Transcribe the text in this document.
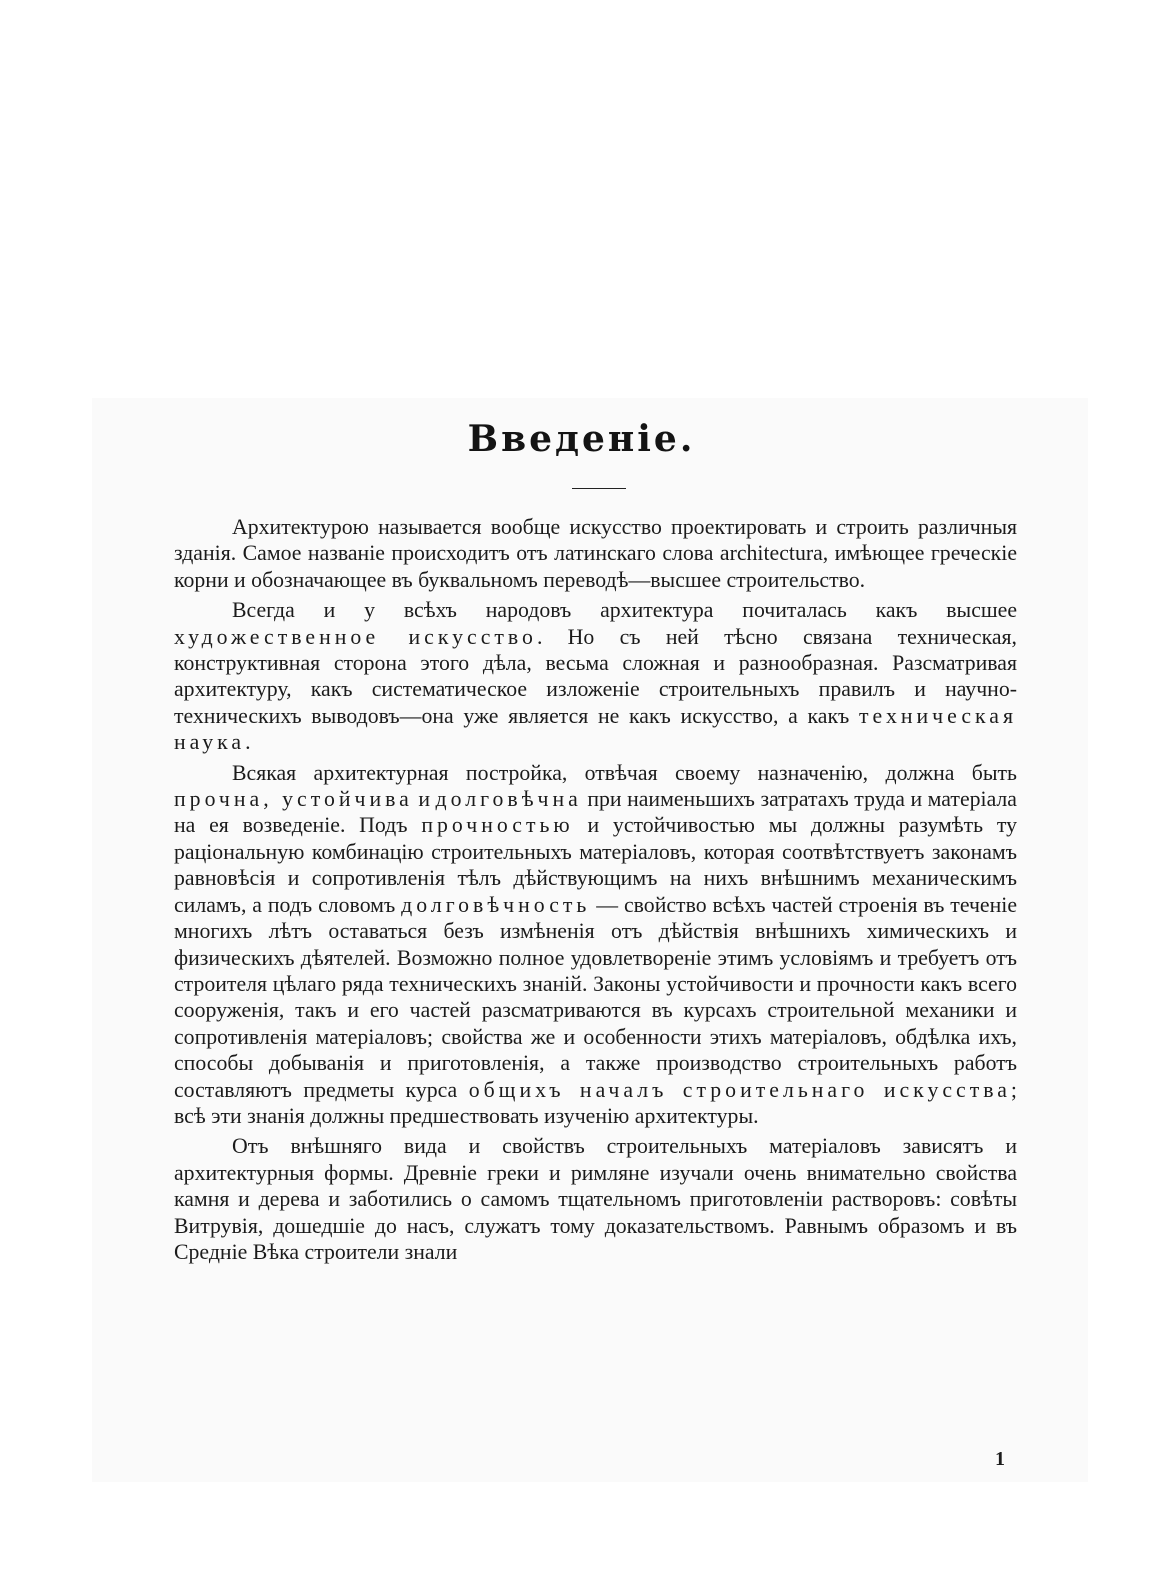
Введеніе.

Архитектурою называется вообще искусство проектировать и строить различныя зданія. Самое названіе происходитъ отъ латинскаго слова architectura, имѣющее греческіе корни и обозначающее въ буквальномъ переводѣ—высшее строительство.

Всегда и у всѣхъ народовъ архитектура почиталась какъ высшее художественное искусство. Но съ ней тѣсно связана техническая, конструктивная сторона этого дѣла, весьма сложная и разнообразная. Разсматривая архитектуру, какъ систематическое изложеніе строительныхъ правилъ и научно-техническихъ выводовъ—она уже является не какъ искусство, а какъ техническая наука.

Всякая архитектурная постройка, отвѣчая своему назначенію, должна быть прочна, устойчива и долговѣчна при наименьшихъ затратахъ труда и матеріала на ея возведеніе. Подъ прочностью и устойчивостью мы должны разумѣть ту раціональную комбинацію строительныхъ матеріаловъ, которая соотвѣтствуетъ законамъ равновѣсія и сопротивленія тѣлъ дѣйствующимъ на нихъ внѣшнимъ механическимъ силамъ, а подъ словомъ долговѣчность — свойство всѣхъ частей строенія въ теченіе многихъ лѣтъ оставаться безъ измѣненія отъ дѣйствія внѣшнихъ химическихъ и физическихъ дѣятелей. Возможно полное удовлетвореніе этимъ условіямъ и требуетъ отъ строителя цѣлаго ряда техническихъ знаній. Законы устойчивости и прочности какъ всего сооруженія, такъ и его частей разсматриваются въ курсахъ строительной механики и сопротивленія матеріаловъ; свойства же и особенности этихъ матеріаловъ, обдѣлка ихъ, способы добыванія и приготовленія, а также производство строительныхъ работъ составляютъ предметы курса общихъ началъ строительнаго искусства; всѣ эти знанія должны предшествовать изученію архитектуры.

Отъ внѣшняго вида и свойствъ строительныхъ матеріаловъ зависятъ и архитектурныя формы. Древніе греки и римляне изучали очень внимательно свойства камня и дерева и заботились о самомъ тщательномъ приготовленіи растворовъ: совѣты Витрувія, дошедшіе до насъ, служатъ тому доказательствомъ. Равнымъ образомъ и въ Средніе Вѣка строители знали

1
